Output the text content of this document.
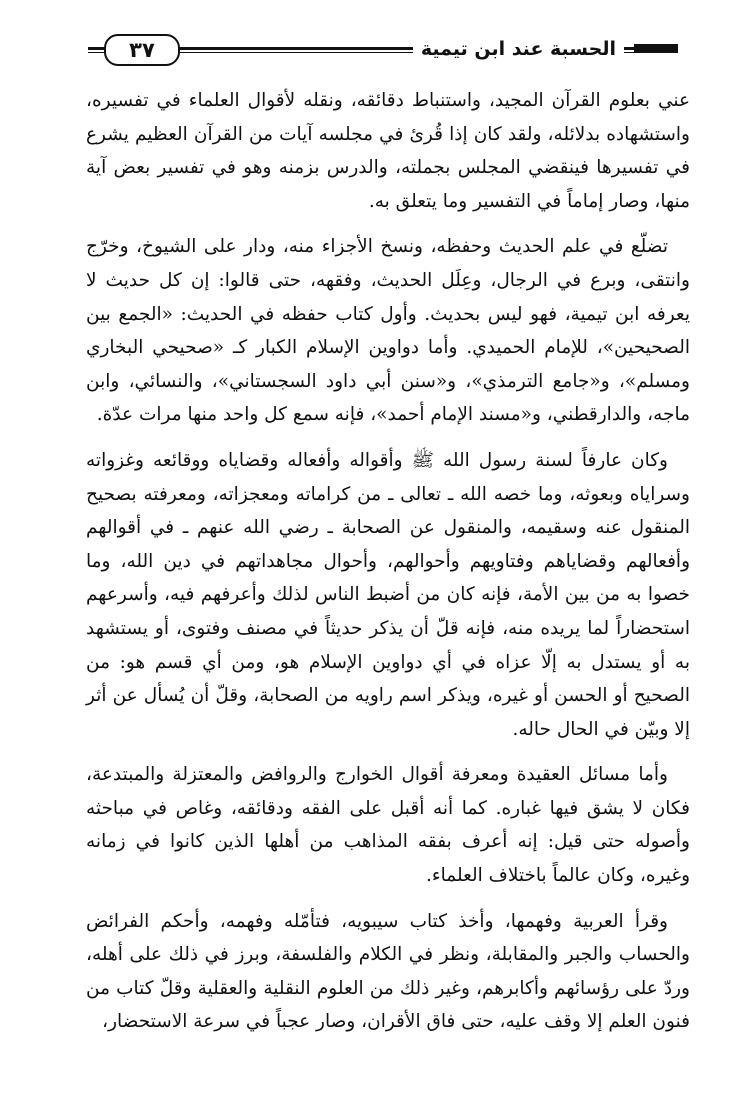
الحسبة عند ابن تيمية
٣٧

عني بعلوم القرآن المجيد، واستنباط دقائقه، ونقله لأقوال العلماء في تفسيره، واستشهاده بدلائله، ولقد كان إذا قُرئ في مجلسه آيات من القرآن العظيم يشرع في تفسيرها فينقضي المجلس بجملته، والدرس بزمنه وهو في تفسير بعض آية منها، وصار إماماً في التفسير وما يتعلق به.

تضلّع في علم الحديث وحفظه، ونسخ الأجزاء منه، ودار على الشيوخ، وخرّج وانتقى، وبرع في الرجال، وعِلَل الحديث، وفقهه، حتى قالوا: إن كل حديث لا يعرفه ابن تيمية، فهو ليس بحديث. وأول كتاب حفظه في الحديث: «الجمع بين الصحيحين»، للإمام الحميدي. وأما دواوين الإسلام الكبار كـ «صحيحي البخاري ومسلم»، و«جامع الترمذي»، و«سنن أبي داود السجستاني»، والنسائي، وابن ماجه، والدارقطني، و«مسند الإمام أحمد»، فإنه سمع كل واحد منها مرات عدّة.

وكان عارفاً لسنة رسول الله ﷺ وأقواله وأفعاله وقضاياه ووقائعه وغزواته وسراياه وبعوثه، وما خصه الله ـ تعالى ـ من كراماته ومعجزاته، ومعرفته بصحيح المنقول عنه وسقيمه، والمنقول عن الصحابة ـ رضي الله عنهم ـ في أقوالهم وأفعالهم وقضاياهم وفتاويهم وأحوالهم، وأحوال مجاهداتهم في دين الله، وما خصوا به من بين الأمة، فإنه كان من أضبط الناس لذلك وأعرفهم فيه، وأسرعهم استحضاراً لما يريده منه، فإنه قلّ أن يذكر حديثاً في مصنف وفتوى، أو يستشهد به أو يستدل به إلّا عزاه في أي دواوين الإسلام هو، ومن أي قسم هو: من الصحيح أو الحسن أو غيره، ويذكر اسم راويه من الصحابة، وقلّ أن يُسأل عن أثر إلا وبيّن في الحال حاله.

وأما مسائل العقيدة ومعرفة أقوال الخوارج والروافض والمعتزلة والمبتدعة، فكان لا يشق فيها غباره. كما أنه أقبل على الفقه ودقائقه، وغاص في مباحثه وأصوله حتى قيل: إنه أعرف بفقه المذاهب من أهلها الذين كانوا في زمانه وغيره، وكان عالماً باختلاف العلماء.

وقرأ العربية وفهمها، وأخذ كتاب سيبويه، فتأمّله وفهمه، وأحكم الفرائض والحساب والجبر والمقابلة، ونظر في الكلام والفلسفة، وبرز في ذلك على أهله، وردّ على رؤسائهم وأكابرهم، وغير ذلك من العلوم النقلية والعقلية وقلّ كتاب من فنون العلم إلا وقف عليه، حتى فاق الأقران، وصار عجباً في سرعة الاستحضار،
